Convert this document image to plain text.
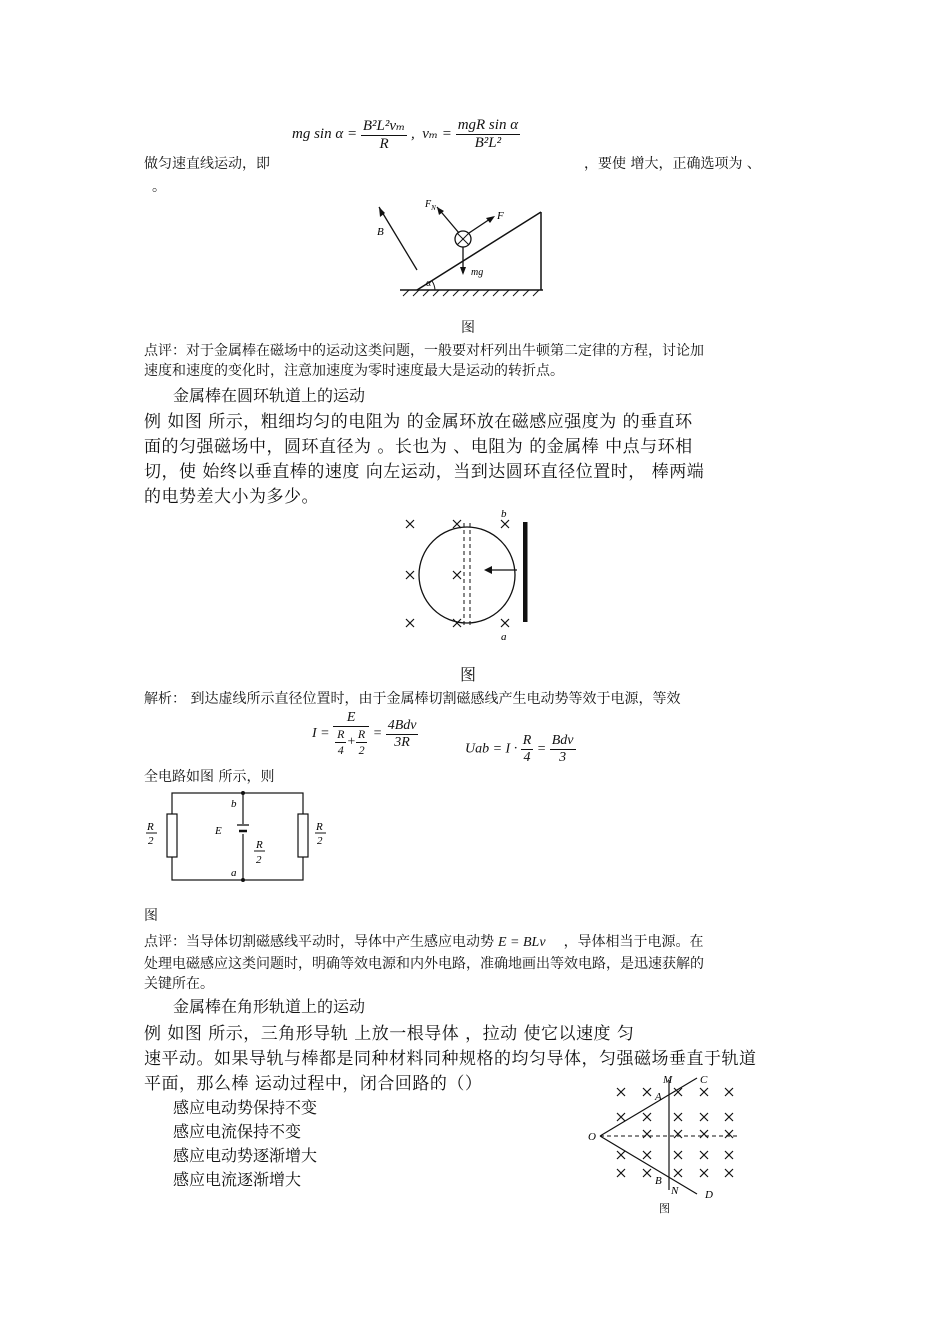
mg $\sin \alpha = \frac{\text{B²L²vₘ}}{R}$ ,  $v_m = \frac{\text{mgR sin α}}{\text{B²L²}}$
做匀速直线运动，即	，要使 增大，正确选项为 、
。
α
B
$F_N$
F
mg
图
点评：对于金属棒在磁场中的运动这类问题，一般要对杆列出牛顿第二定律的方程，讨论加
速度和速度的变化时，注意加速度为零时速度最大是运动的转折点。
金属棒在圆环轨道上的运动
例 如图 所示，粗细均匀的电阻为 的金属环放在磁感应强度为 的垂直环
面的匀强磁场中，圆环直径为 。长也为 、电阻为 的金属棒 中点与环相
切，使 始终以垂直棒的速度 向左运动，当到达圆环直径位置时， 棒两端
的电势差大小为多少。
b
a
图
解析： 到达虚线所示直径位置时，由于金属棒切割磁感线产生电动势等效于电源，等效
$I = \frac{E}{\frac{R}{4} + \frac{R}{2}} = \frac{\text{4Bdv}}{3R}$	Uab = $I \cdot \frac{R}{4} = \frac{\text{Bdv}}{3}$
全电路如图 所示，则
b
a
E
R
2
R
2
R
2
图
点评：当导体切割磁感线平动时，导体中产生感应电动势 E = BLv ，导体相当于电源。在
处理电磁感应这类问题时，明确等效电源和内外电路，准确地画出等效电路，是迅速获解的
关键所在。
金属棒在角形轨道上的运动
例 如图 所示，三角形导轨 上放一根导体 ，拉动 使它以速度 匀
速平动。如果导轨与棒都是同种材料同种规格的均匀导体，匀强磁场垂直于轨道
平面，那么棒 运动过程中，闭合回路的（）
感应电动势保持不变
感应电流保持不变
感应电动势逐渐增大
感应电流逐渐增大
M	C
A
O
B
N D
图
